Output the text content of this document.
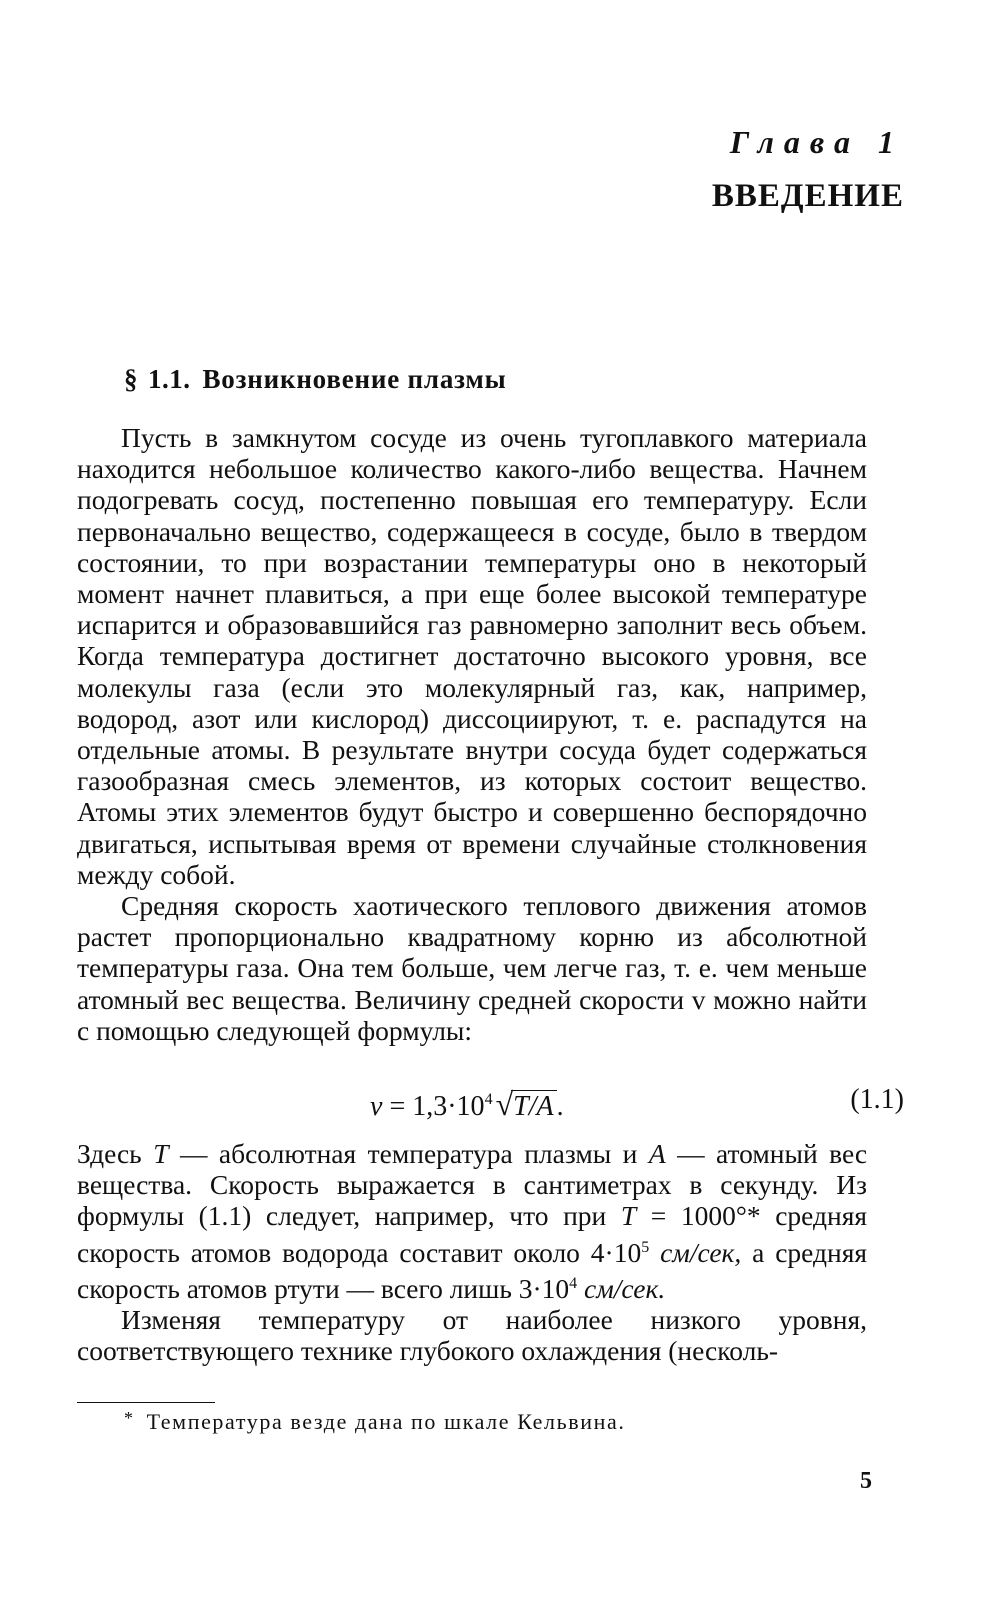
Глава 1
ВВЕДЕНИЕ
§ 1.1. Возникновение плазмы

Пусть в замкнутом сосуде из очень тугоплавкого материала находится небольшое количество какого-либо вещества. Начнем подогревать сосуд, постепенно повышая его температуру. Если первоначально вещество, содержащееся в сосуде, было в твердом состоянии, то при возрастании температуры оно в некоторый момент начнет плавиться, а при еще более высокой температуре испарится и образовавшийся газ равномерно заполнит весь объем. Когда температура достигнет достаточно высокого уровня, все молекулы газа (если это молекулярный газ, как, например, водород, азот или кислород) диссоциируют, т. е. распадутся на отдельные атомы. В результате внутри сосуда будет содержаться газообразная смесь элементов, из которых состоит вещество. Атомы этих элементов будут быстро и совершенно беспорядочно двигаться, испытывая время от времени случайные столкновения между собой.

Средняя скорость хаотического теплового движения атомов растет пропорционально квадратному корню из абсолютной температуры газа. Она тем больше, чем легче газ, т. е. чем меньше атомный вес вещества. Величину средней скорости v можно найти с помощью следующей формулы:

$v = 1,3\cdot 10^4√T/A$ .	(1.1)

Здесь T — абсолютная температура плазмы и A — атомный вес вещества. Скорость выражается в сантиметрах в секунду. Из формулы (1.1) следует, например, что при T = 1000°* средняя скорость атомов водорода составит около $4\cdot 10^5$ см/сек, а средняя скорость атомов ртути — всего лишь $3\cdot 10^4$ см/сек.

Изменяя температуру от наиболее низкого уровня, соответствующего технике глубокого охлаждения (несколь-

* Температура везде дана по шкале Кельвина.

5
